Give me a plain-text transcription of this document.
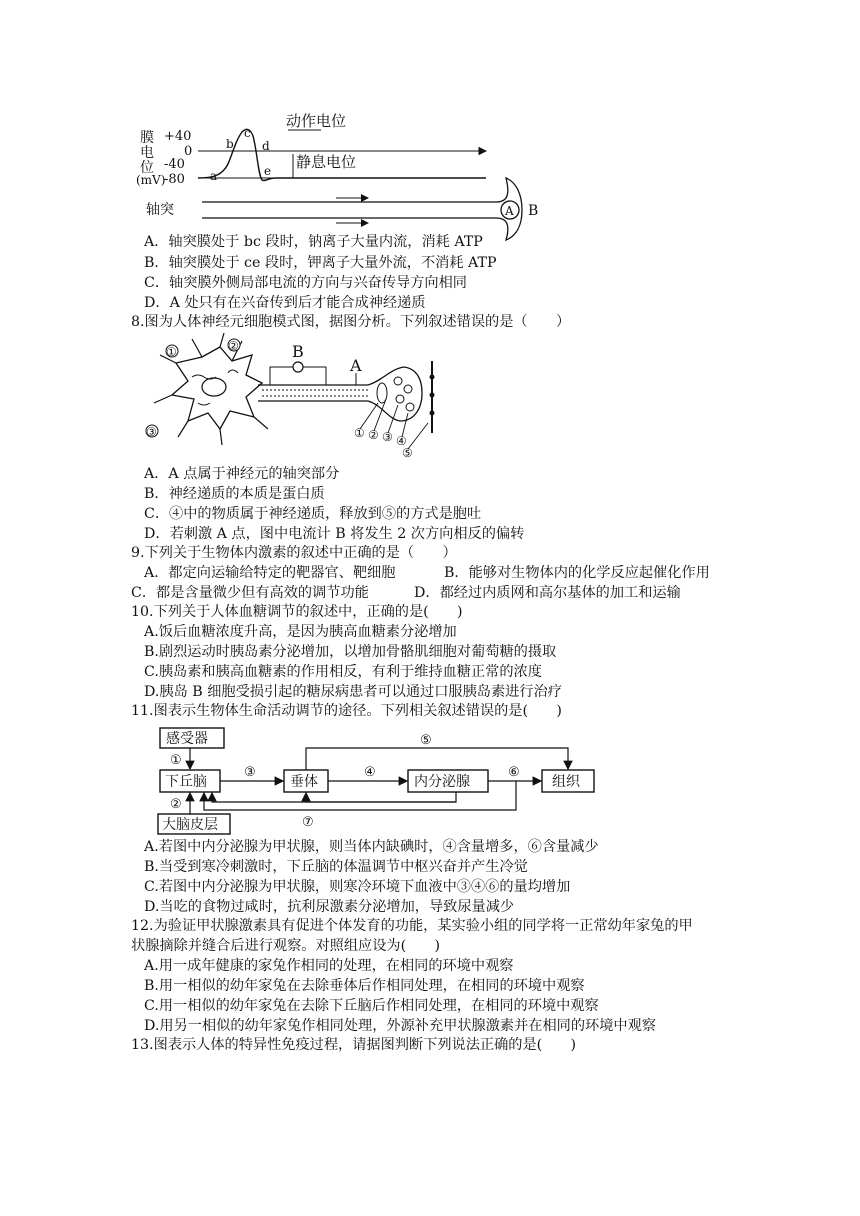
膜
电
位
(mV)
+40
0
-40
-80 a
b
c
d
e
动作电位
静息电位
轴突	A B
A．轴突膜处于 bc 段时，钠离子大量内流，消耗 ATP
B．轴突膜处于 ce 段时，钾离子大量外流，不消耗 ATP
C．轴突膜外侧局部电流的方向与兴奋传导方向相同
D．A 处只有在兴奋传到后才能合成神经递质
8.图为人体神经元细胞模式图，据图分析。下列叙述错误的是（　　）
B
A
①	②
③	① ② ③ ④
⑤
A．A 点属于神经元的轴突部分
B．神经递质的本质是蛋白质
C．④中的物质属于神经递质，释放到⑤的方式是胞吐
D．若刺激 A 点，图中电流计 B 将发生 2 次方向相反的偏转
9.下列关于生物体内激素的叙述中正确的是（　　）
A．都定向运输给特定的靶器官、靶细胞	B．能够对生物体内的化学反应起催化作用
C．都是含量微少但有高效的调节功能	D．都经过内质网和高尔基体的加工和运输
10.下列关于人体血糖调节的叙述中，正确的是(　　)
A.饭后血糖浓度升高，是因为胰高血糖素分泌增加
B.剧烈运动时胰岛素分泌增加，以增加骨骼肌细胞对葡萄糖的摄取
C.胰岛素和胰高血糖素的作用相反，有利于维持血糖正常的浓度
D.胰岛 B 细胞受损引起的糖尿病患者可以通过口服胰岛素进行治疗
11.图表示生物体生命活动调节的途径。下列相关叙述错误的是(　　)
感受器
下丘脑	垂体	内分泌腺	组织
大脑皮层
①
②
③	④
⑤
⑥
⑦
A.若图中内分泌腺为甲状腺，则当体内缺碘时，④含量增多，⑥含量减少
B.当受到寒冷刺激时，下丘脑的体温调节中枢兴奋并产生冷觉
C.若图中内分泌腺为甲状腺，则寒冷环境下血液中③④⑥的量均增加
D.当吃的食物过咸时，抗利尿激素分泌增加，导致尿量减少
12.为验证甲状腺激素具有促进个体发育的功能，某实验小组的同学将一正常幼年家兔的甲
状腺摘除并缝合后进行观察。对照组应设为(　　)
A.用一成年健康的家兔作相同的处理，在相同的环境中观察
B.用一相似的幼年家兔在去除垂体后作相同处理，在相同的环境中观察
C.用一相似的幼年家兔在去除下丘脑后作相同处理，在相同的环境中观察
D.用另一相似的幼年家兔作相同处理，外源补充甲状腺激素并在相同的环境中观察
13.图表示人体的特异性免疫过程，请据图判断下列说法正确的是(　　)
